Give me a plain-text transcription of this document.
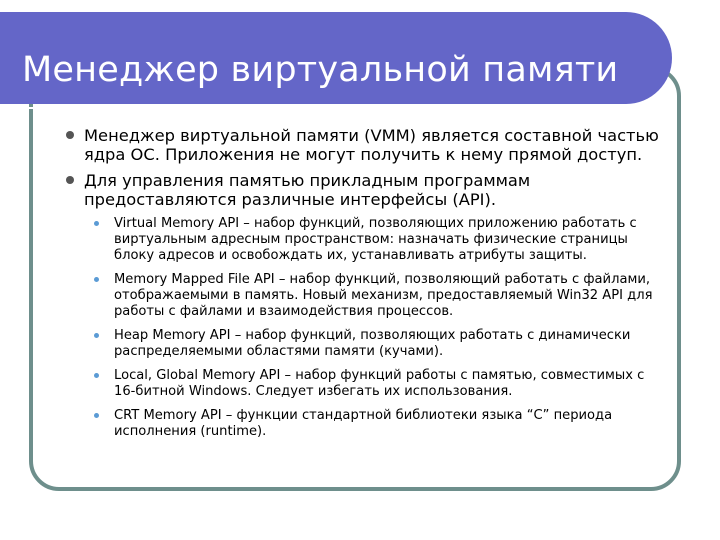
Менеджер виртуальной памяти
Менеджер виртуальной памяти (VMM) является составной частью ядра ОС. Приложения не могут получить к нему прямой доступ.
Для управления памятью прикладным программам предоставляются различные интерфейсы (API).
Virtual Memory API – набор функций, позволяющих приложению работать с виртуальным адресным пространством: назначать физические страницы блоку адресов и освобождать их, устанавливать атрибуты защиты.
Memory Mapped File API – набор функций, позволяющий работать с файлами, отображаемыми в память. Новый механизм, предоставляемый Win32 API для работы с файлами и взаимодействия процессов.
Heap Memory API – набор функций, позволяющих работать с динамически распределяемыми областями памяти (кучами).
Local, Global Memory API – набор функций работы с памятью, совместимых с 16-битной Windows. Следует избегать их использования.
CRT Memory API – функции стандартной библиотеки языка “С” периода исполнения (runtime).
